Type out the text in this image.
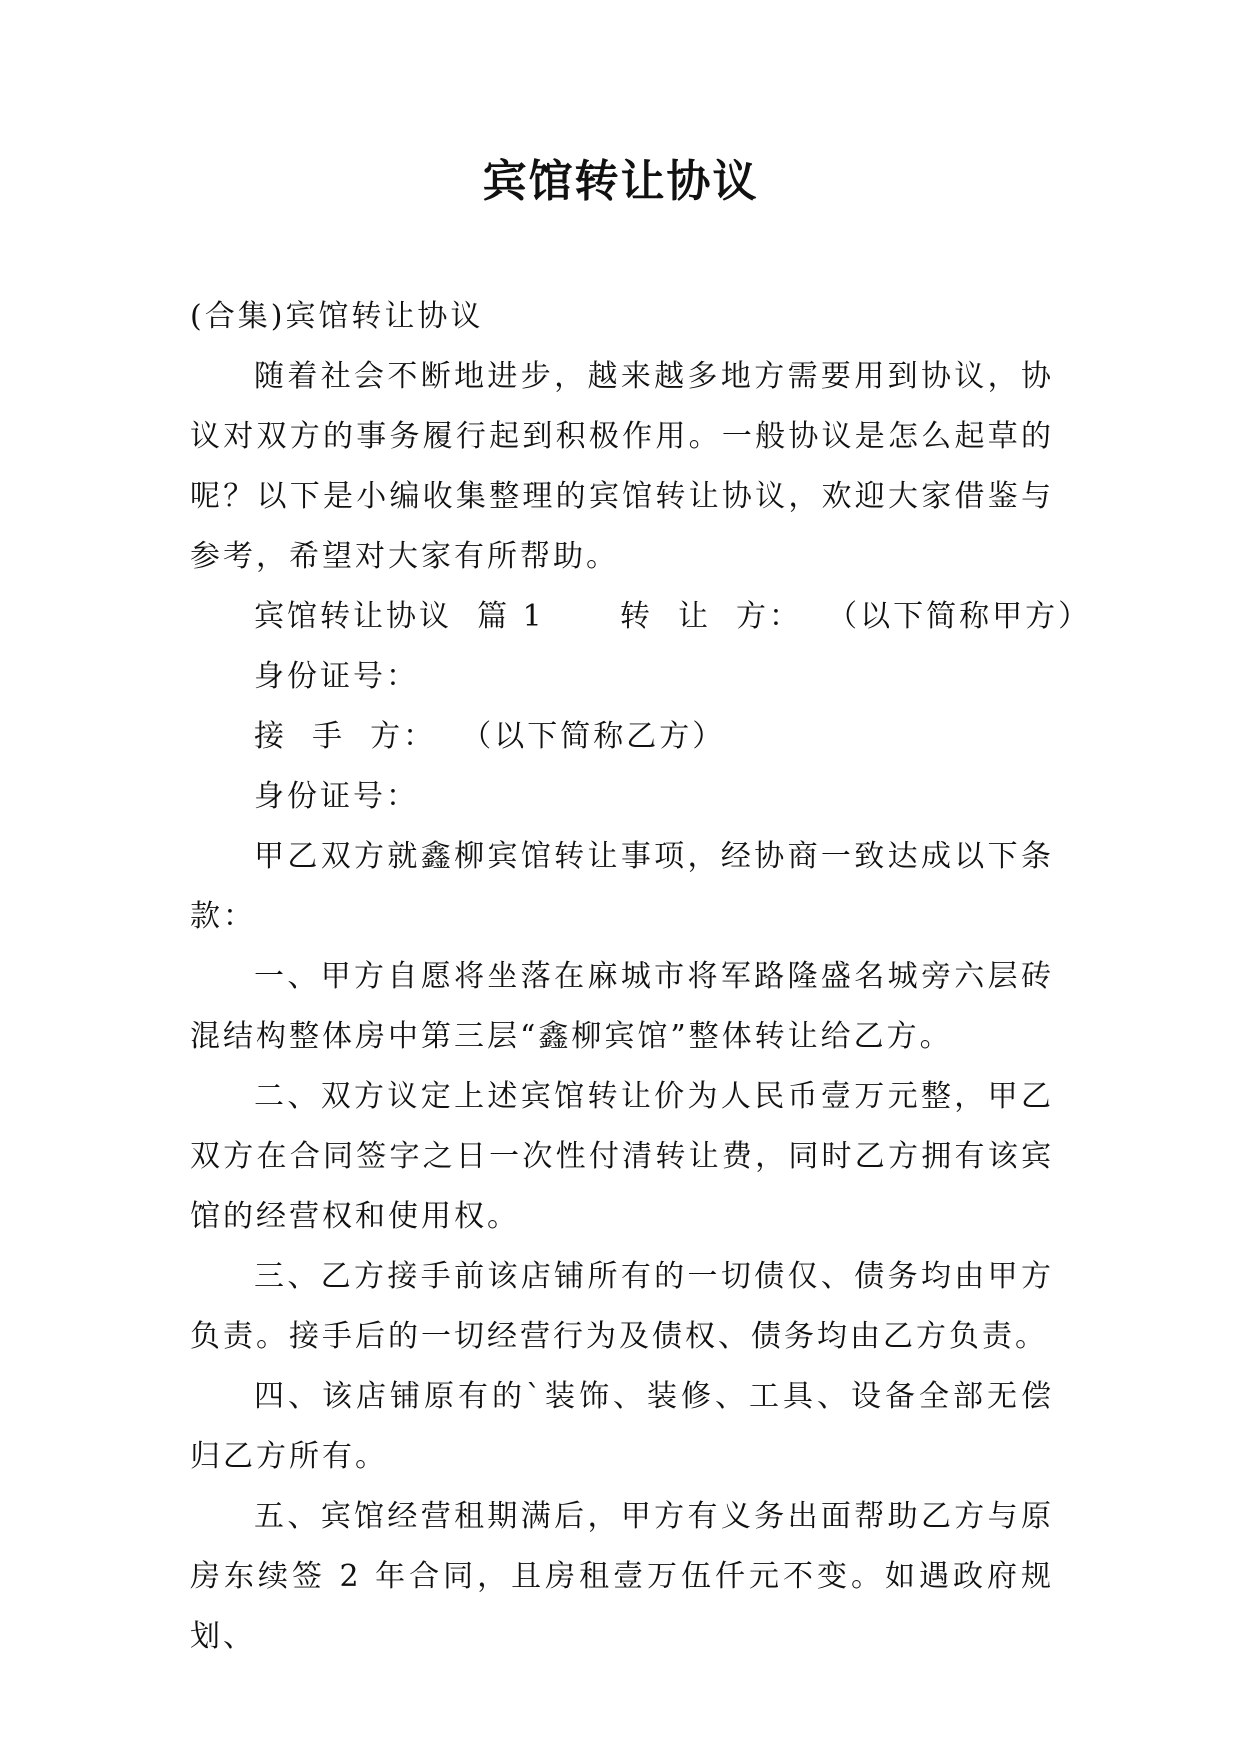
宾馆转让协议

(合集)宾馆转让协议

随着社会不断地进步，越来越多地方需要用到协议，协议对双方的事务履行起到积极作用。一般协议是怎么起草的呢？以下是小编收集整理的宾馆转让协议，欢迎大家借鉴与参考，希望对大家有所帮助。

宾馆转让协议  篇 1      转  让  方：  （以下简称甲方）

身份证号：

接  手  方：  （以下简称乙方）

身份证号：

甲乙双方就鑫柳宾馆转让事项，经协商一致达成以下条款：

一、甲方自愿将坐落在麻城市将军路隆盛名城旁六层砖混结构整体房中第三层“鑫柳宾馆”整体转让给乙方。

二、双方议定上述宾馆转让价为人民币壹万元整，甲乙双方在合同签字之日一次性付清转让费，同时乙方拥有该宾馆的经营权和使用权。

三、乙方接手前该店铺所有的一切债仅、债务均由甲方负责。接手后的一切经营行为及债权、债务均由乙方负责。

四、该店铺原有的`装饰、装修、工具、设备全部无偿归乙方所有。

五、宾馆经营租期满后，甲方有义务出面帮助乙方与原房东续签 2 年合同，且房租壹万伍仟元不变。如遇政府规划、
